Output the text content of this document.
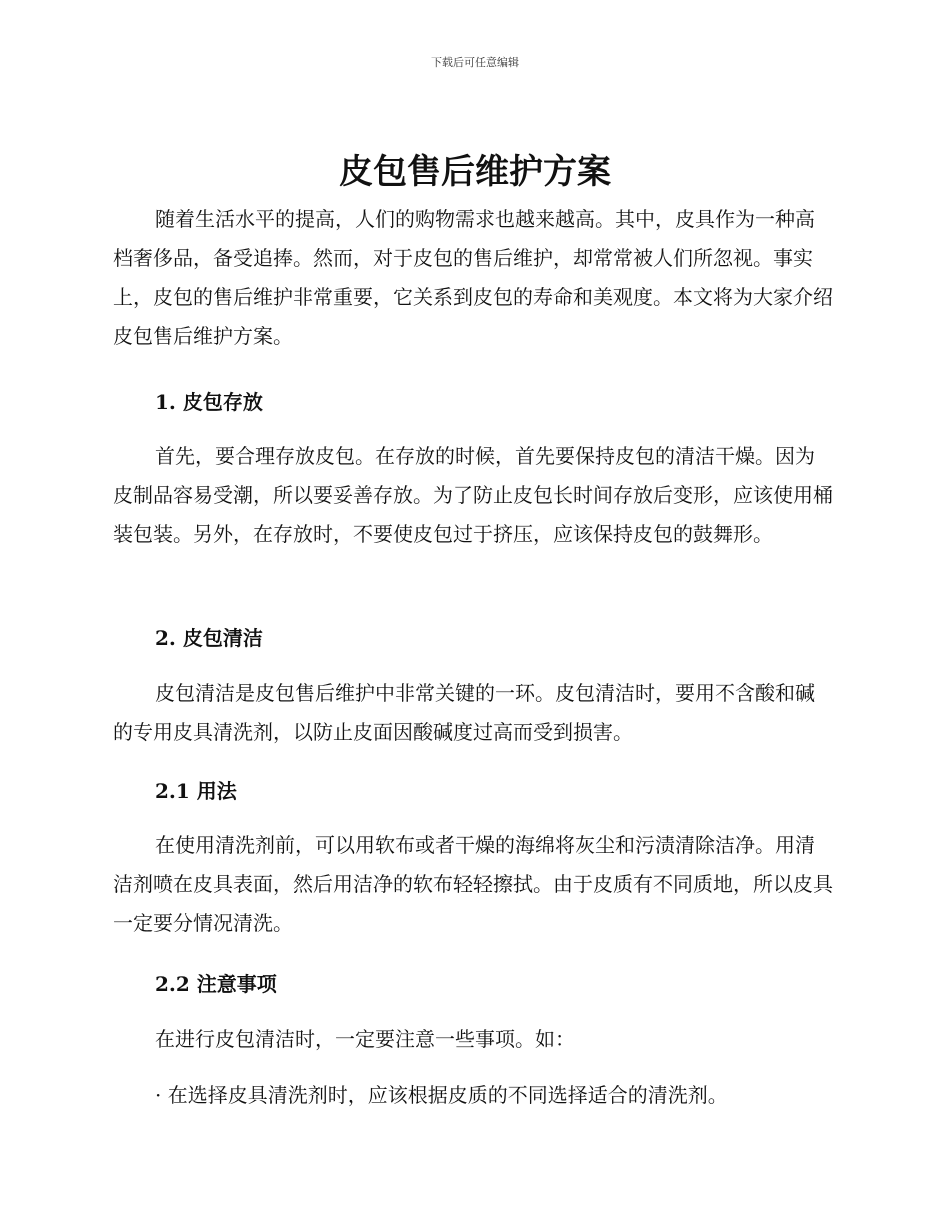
下载后可任意编辑
皮包售后维护方案

随着生活水平的提高，人们的购物需求也越来越高。其中，皮具作为一种高档奢侈品，备受追捧。然而，对于皮包的售后维护，却常常被人们所忽视。事实上，皮包的售后维护非常重要，它关系到皮包的寿命和美观度。本文将为大家介绍皮包售后维护方案。

1. 皮包存放

首先，要合理存放皮包。在存放的时候，首先要保持皮包的清洁干燥。因为皮制品容易受潮，所以要妥善存放。为了防止皮包长时间存放后变形，应该使用桶装包装。另外，在存放时，不要使皮包过于挤压，应该保持皮包的鼓舞形。

2. 皮包清洁

皮包清洁是皮包售后维护中非常关键的一环。皮包清洁时，要用不含酸和碱的专用皮具清洗剂，以防止皮面因酸碱度过高而受到损害。

2.1 用法

在使用清洗剂前，可以用软布或者干燥的海绵将灰尘和污渍清除洁净。用清洁剂喷在皮具表面，然后用洁净的软布轻轻擦拭。由于皮质有不同质地，所以皮具一定要分情况清洗。

2.2 注意事项

在进行皮包清洁时，一定要注意一些事项。如：

· 在选择皮具清洗剂时，应该根据皮质的不同选择适合的清洗剂。
